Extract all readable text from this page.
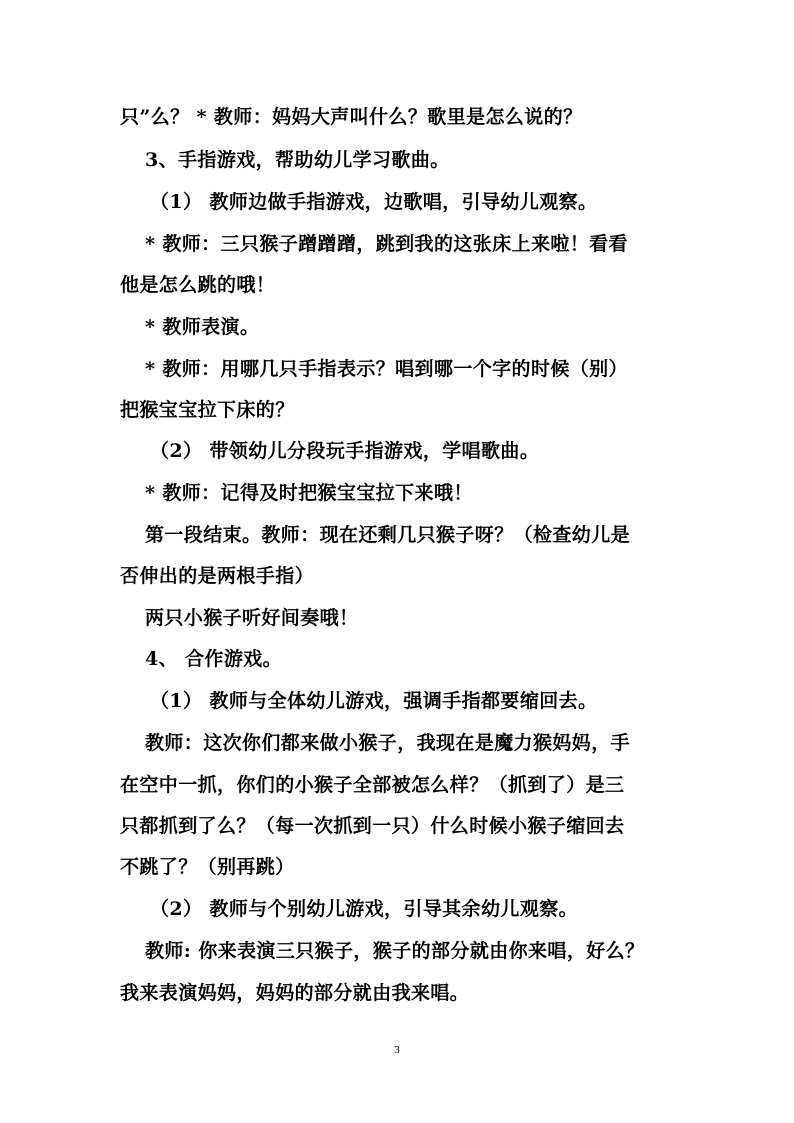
只”么？ * 教师：妈妈大声叫什么？歌里是怎么说的？
3、手指游戏，帮助幼儿学习歌曲。
（1） 教师边做手指游戏，边歌唱，引导幼儿观察。
* 教师：三只猴子蹭蹭蹭，跳到我的这张床上来啦！看看
他是怎么跳的哦！
* 教师表演。
* 教师：用哪几只手指表示？唱到哪一个字的时候（别）
把猴宝宝拉下床的？
（2） 带领幼儿分段玩手指游戏，学唱歌曲。
* 教师：记得及时把猴宝宝拉下来哦！
第一段结束。教师：现在还剩几只猴子呀？（检查幼儿是
否伸出的是两根手指）
两只小猴子听好间奏哦！
4、 合作游戏。
（1） 教师与全体幼儿游戏，强调手指都要缩回去。
教师：这次你们都来做小猴子，我现在是魔力猴妈妈，手
在空中一抓，你们的小猴子全部被怎么样？（抓到了）是三
只都抓到了么？（每一次抓到一只）什么时候小猴子缩回去
不跳了？（别再跳）
（2） 教师与个别幼儿游戏，引导其余幼儿观察。
教师: 你来表演三只猴子，猴子的部分就由你来唱，好么？
我来表演妈妈，妈妈的部分就由我来唱。
3
